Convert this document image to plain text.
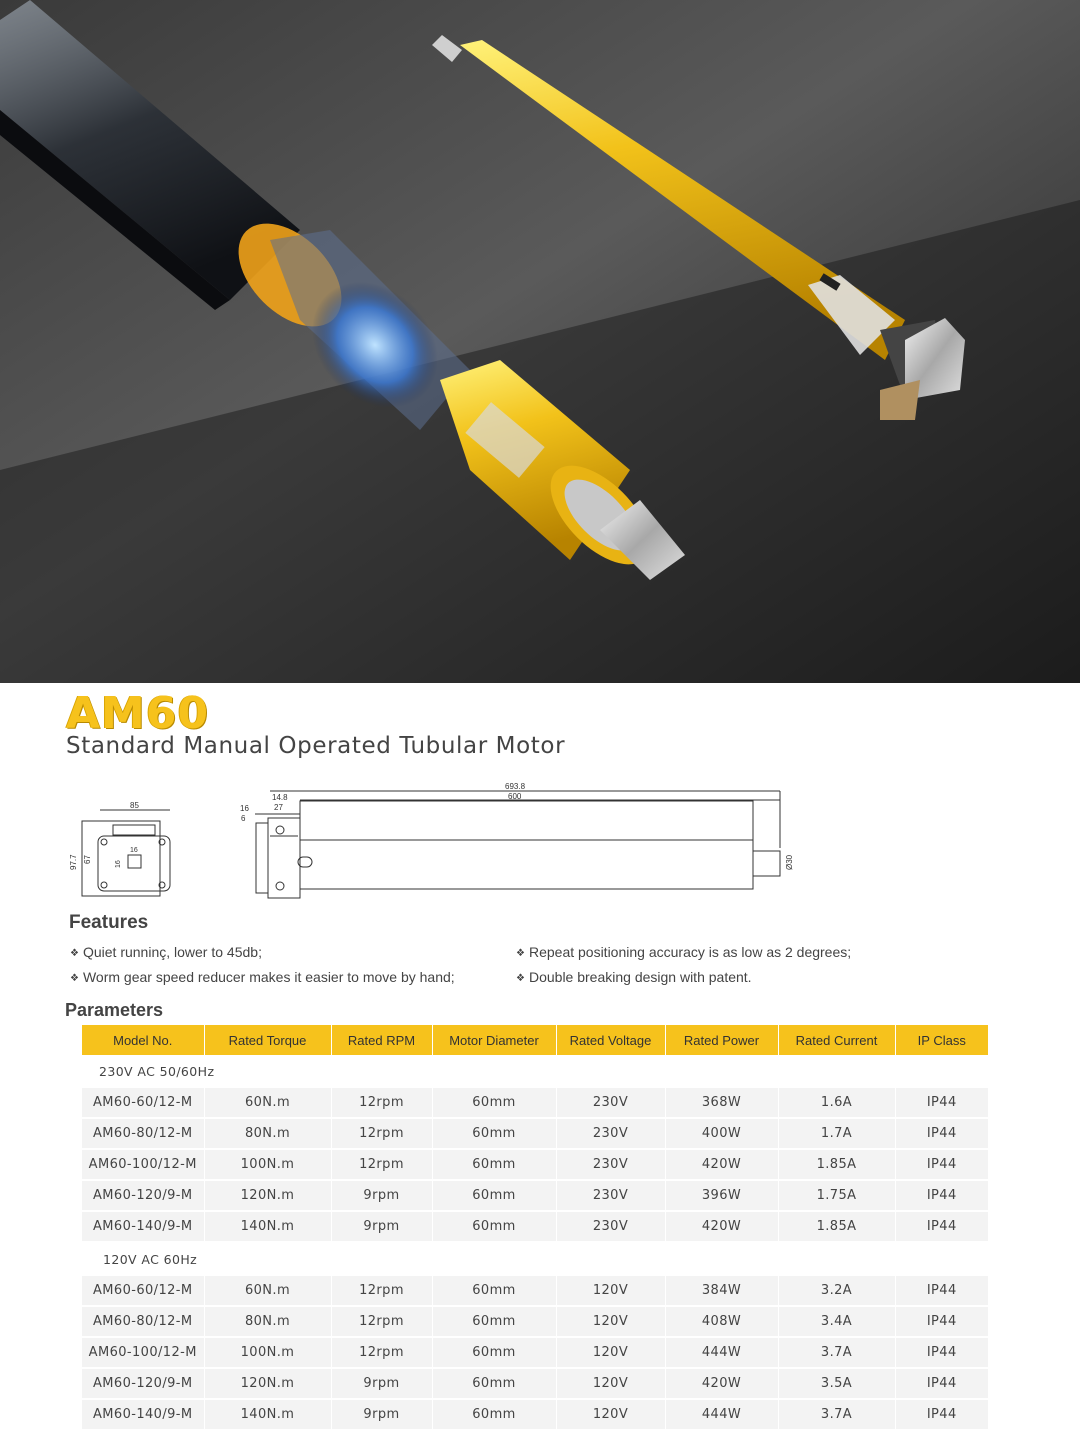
AM60
Standard Manual Operated Tubular Motor
85
97.7 67
16
16
693.8
600
14.8
27
16
6
Ø30
Features
❖ Quiet runninç, lower to 45db;	❖ Repeat positioning accuracy is as low as 2 degrees;
❖ Worm gear speed reducer makes it easier to move by hand;	❖ Double breaking design with patent.
Parameters
Model No.	Rated Torque	Rated RPM	Motor Diameter	Rated Voltage	Rated Power	Rated Current	IP Class
230V AC 50/60Hz							
AM60-60/12-M	60N.m	12rpm	60mm	230V	368W	1.6A	IP44
AM60-80/12-M	80N.m	12rpm	60mm	230V	400W	1.7A	IP44
AM60-100/12-M	100N.m	12rpm	60mm	230V	420W	1.85A	IP44
AM60-120/9-M	120N.m	9rpm	60mm	230V	396W	1.75A	IP44
AM60-140/9-M	140N.m	9rpm	60mm	230V	420W	1.85A	IP44
120V AC 60Hz							
AM60-60/12-M	60N.m	12rpm	60mm	120V	384W	3.2A	IP44
AM60-80/12-M	80N.m	12rpm	60mm	120V	408W	3.4A	IP44
AM60-100/12-M	100N.m	12rpm	60mm	120V	444W	3.7A	IP44
AM60-120/9-M	120N.m	9rpm	60mm	120V	420W	3.5A	IP44
AM60-140/9-M	140N.m	9rpm	60mm	120V	444W	3.7A	IP44
